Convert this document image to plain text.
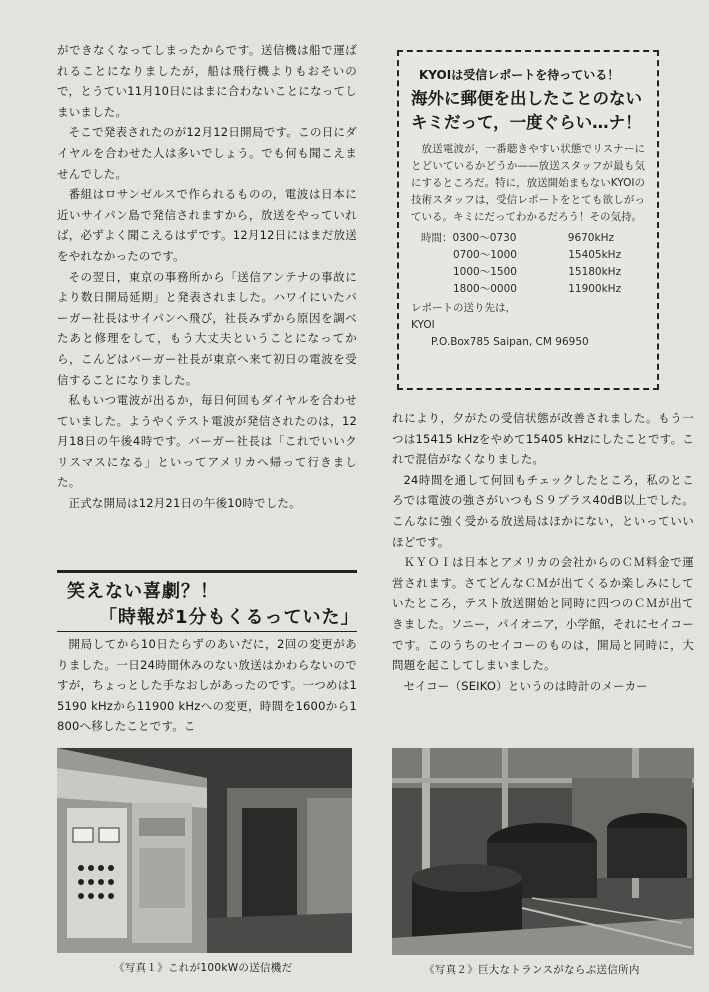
ができなくなってしまったからです。送信機は船で運ばれることになりましたが，船は飛行機よりもおそいので，とうてい11月10日にはまに合わないことになってしまいました。

そこで発表されたのが12月12日開局です。この日にダイヤルを合わせた人は多いでしょう。でも何も聞こえませんでした。

番組はロサンゼルスで作られるものの，電波は日本に近いサイパン島で発信されますから，放送をやっていれば，必ずよく聞こえるはずです。12月12日にはまだ放送をやれなかったのです。

その翌日，東京の事務所から「送信アンテナの事故により数日開局延期」と発表されました。ハワイにいたバーガー社長はサイパンへ飛び，社長みずから原因を調べたあと修理をして，もう大丈夫ということになってから，こんどはバーガー社長が東京へ来て初日の電波を受信することになりました。

私もいつ電波が出るか，毎日何回もダイヤルを合わせていました。ようやくテスト電波が発信されたのは，12月18日の午後4時です。バーガー社長は「これでいいクリスマスになる」といってアメリカへ帰って行きました。

正式な開局は12月21日の午後10時でした。

笑えない喜劇？！
「時報が1分もくるっていた」

開局してから10日たらずのあいだに，2回の変更がありました。一日24時間休みのない放送はかわらないのですが，ちょっとした手なおしがあったのです。一つめは15190 kHzから11900 kHzへの変更，時間を1600から1800へ移したことです。こ

KYOIは受信レポートを待っている！
海外に郵便を出したことのない
キミだって，一度ぐらい…ナ！

放送電波が，一番聴きやすい状態でリスナーにとどいているかどうか——放送スタッフが最も気にするところだ。特に，放送開始まもないKYOIの技術スタッフは，受信レポートをとても欲しがっている。キミにだってわかるだろう！その気持。

時間：0300〜0730	9670kHz
0700〜1000	15405kHz
1000〜1500	15180kHz
1800〜0000	11900kHz
レポートの送り先は，
KYOI
P.O.Box785 Saipan, CM 96950

れにより，夕がたの受信状態が改善されました。もう一つは15415 kHzをやめて15405 kHzにしたことです。これで混信がなくなりました。

24時間を通して何回もチェックしたところ，私のところでは電波の強さがいつもＳ９プラス40dB以上でした。こんなに強く受かる放送局はほかにない，といっていいほどです。

ＫＹＯＩは日本とアメリカの会社からのＣＭ料金で運営されます。さてどんなＣＭが出てくるか楽しみにしていたところ，テスト放送開始と同時に四つのＣＭが出てきました。ソニー，パイオニア，小学館，それにセイコーです。このうちのセイコーのものは，開局と同時に，大問題を起こしてしまいました。

セイコー（SEIKO）というのは時計のメーカー

《写真１》これが100kWの送信機だ	《写真２》巨大なトランスがならぶ送信所内
